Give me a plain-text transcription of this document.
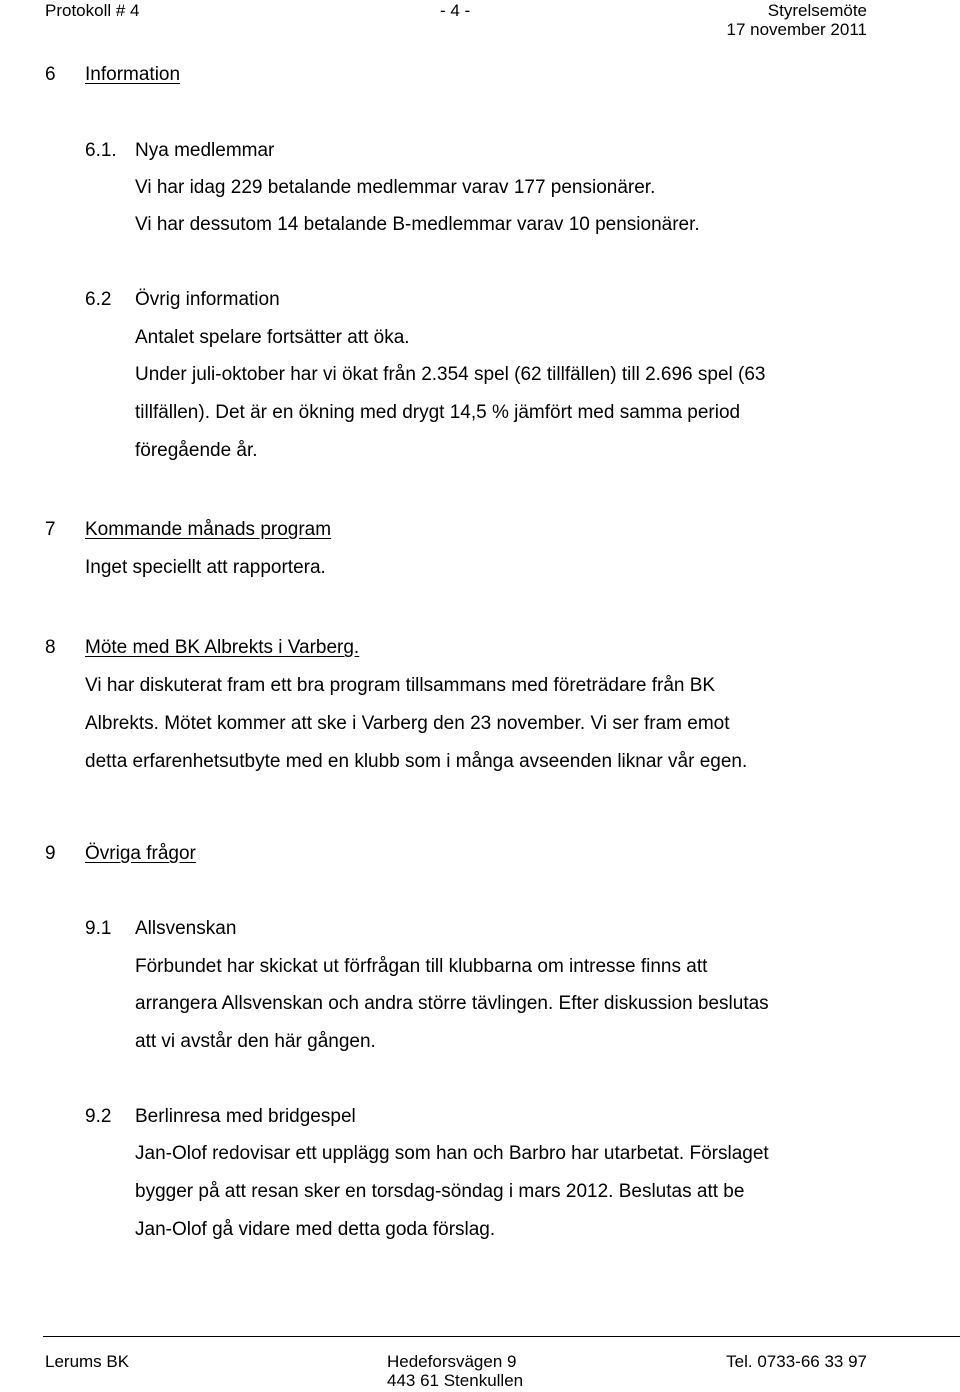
Protokoll # 4	- 4 -	Styrelsemöte
17 november 2011
6 Information
6.1. Nya medlemmar
Vi har idag 229 betalande medlemmar varav 177 pensionärer.
Vi har dessutom 14 betalande B-medlemmar varav 10 pensionärer.
6.2 Övrig information
Antalet spelare fortsätter att öka.
Under juli-oktober har vi ökat från 2.354 spel (62 tillfällen) till 2.696 spel (63
tillfällen). Det är en ökning med drygt 14,5 % jämfört med samma period
föregående år.
7 Kommande månads program
Inget speciellt att rapportera.
8 Möte med BK Albrekts i Varberg.
Vi har diskuterat fram ett bra program tillsammans med företrädare från BK
Albrekts. Mötet kommer att ske i Varberg den 23 november. Vi ser fram emot
detta erfarenhetsutbyte med en klubb som i många avseenden liknar vår egen.
9 Övriga frågor
9.1 Allsvenskan
Förbundet har skickat ut förfrågan till klubbarna om intresse finns att
arrangera Allsvenskan och andra större tävlingen. Efter diskussion beslutas
att vi avstår den här gången.
9.2 Berlinresa med bridgespel
Jan-Olof redovisar ett upplägg som han och Barbro har utarbetat. Förslaget
bygger på att resan sker en torsdag-söndag i mars 2012. Beslutas att be
Jan-Olof gå vidare med detta goda förslag.
Lerums BK	Hedeforsvägen 9
443 61 Stenkullen
Tel. 0733-66 33 97
